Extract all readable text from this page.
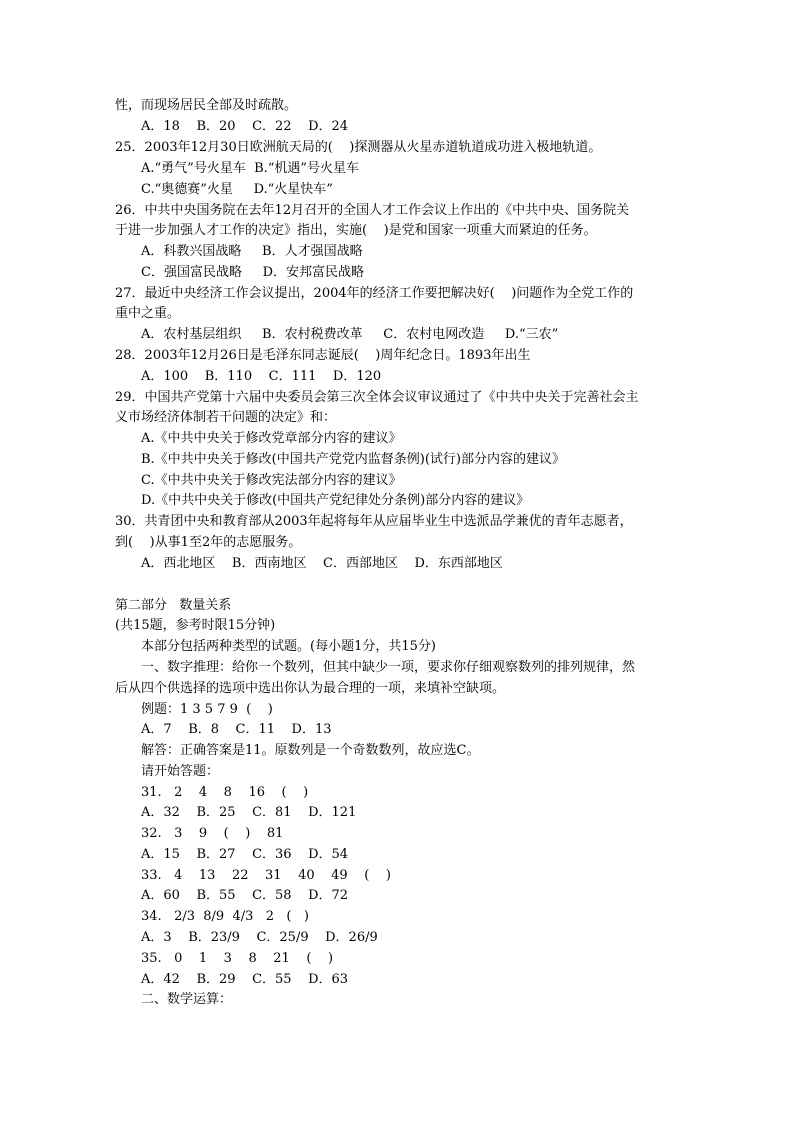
性，而现场居民全部及时疏散。
A．18    B．20    C．22    D．24
25．2003年12月30日欧洲航天局的(    )探测器从火星赤道轨道成功进入极地轨道。
A.“勇气”号火星车  B.“机遇”号火星车
C.“奥德赛”火星     D.“火星快车”
26．中共中央国务院在去年12月召开的全国人才工作会议上作出的《中共中央、国务院关
于进一步加强人才工作的决定》指出，实施(    )是党和国家一项重大而紧迫的任务。
A．科教兴国战略     B．人才强国战略
C．强国富民战略     D．安邦富民战略
27．最近中央经济工作会议提出，2004年的经济工作要把解决好(    )问题作为全党工作的
重中之重。
A．农村基层组织     B．农村税费改革     C．农村电网改造     D.“三农”
28．2003年12月26日是毛泽东同志诞辰(    )周年纪念日。1893年出生
A．100    B．110    C．111    D．120
29．中国共产党第十六届中央委员会第三次全体会议审议通过了《中共中央关于完善社会主
义市场经济体制若干问题的决定》和：
A.《中共中央关于修改党章部分内容的建议》
B.《中共中央关于修改(中国共产党党内监督条例)(试行)部分内容的建议》
C.《中共中央关于修改宪法部分内容的建议》
D.《中共中央关于修改(中国共产党纪律处分条例)部分内容的建议》
30．共青团中央和教育部从2003年起将每年从应届毕业生中选派品学兼优的青年志愿者，
到(    )从事1至2年的志愿服务。
A．西北地区    B．西南地区    C．西部地区    D．东西部地区
第二部分   数量关系
(共15题，参考时限15分钟)
本部分包括两种类型的试题。(每小题1分，共15分)
一、数字推理：给你一个数列，但其中缺少一项，要求你仔细观察数列的排列规律，然
后从四个供选择的选项中选出你认为最合理的一项，来填补空缺项。
例题：1 3 5 7 9  (    )
A．7    B．8    C．11    D．13
解答：正确答案是11。原数列是一个奇数数列，故应选C。
请开始答题：
31.   2    4    8    16    (    )
A．32    B．25    C．81    D．121
32.   3    9    (    )    81
A．15    B．27    C．36    D．54
33.   4    13    22    31    40    49    (    )
A．60    B．55    C．58    D．72
34.   2/3  8/9  4/3   2   (   )
A．3    B．23/9    C．25/9    D．26/9
35.   0    1    3    8    21    (    )
A．42    B．29    C．55    D．63
二、数学运算：
